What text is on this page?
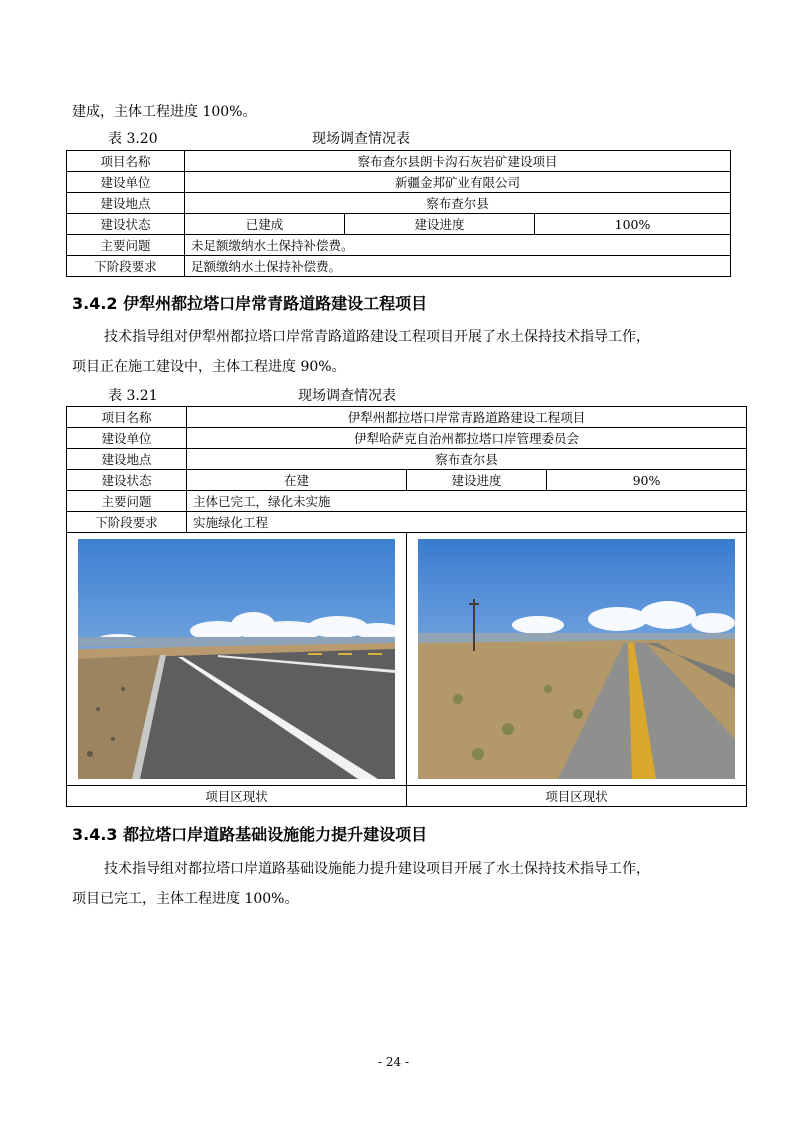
建成，主体工程进度 100%。
表 3.20	现场调查情况表
项目名称	察布查尔县朗卡沟石灰岩矿建设项目		
建设单位	新疆金邦矿业有限公司		
建设地点	察布查尔县		
建设状态	已建成	建设进度	100%
主要问题	未足额缴纳水土保持补偿费。		
下阶段要求	足额缴纳水土保持补偿费。		
3.4.2 伊犁州都拉塔口岸常青路道路建设工程项目
技术指导组对伊犁州都拉塔口岸常青路道路建设工程项目开展了水土保持技术指导工作，
项目正在施工建设中，主体工程进度 90%。
表 3.21	现场调查情况表
项目名称	伊犁州都拉塔口岸常青路道路建设工程项目		
建设单位	伊犁哈萨克自治州都拉塔口岸管理委员会		
建设地点	察布查尔县		
建设状态	在建	建设进度	90%
主要问题	主体已完工，绿化未实施		
下阶段要求	实施绿化工程		

项目区现状		项目区现状	
3.4.3 都拉塔口岸道路基础设施能力提升建设项目
技术指导组对都拉塔口岸道路基础设施能力提升建设项目开展了水土保持技术指导工作，
项目已完工，主体工程进度 100%。
- 24 -
